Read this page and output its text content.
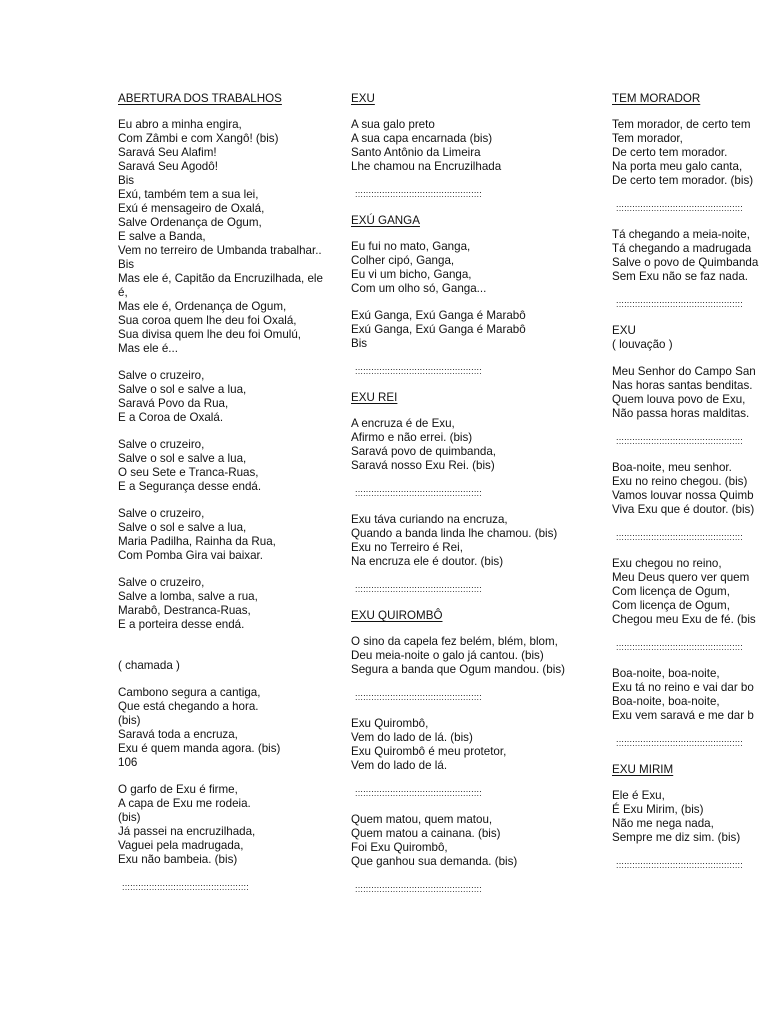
ABERTURA DOS TRABALHOS
Eu abro a minha engira,
Com Zâmbi e com Xangô! (bis)
Saravá Seu Alafim!
Saravá Seu Agodô!
Bis
Exú, também tem a sua lei,
Exú é mensageiro de Oxalá,
Salve Ordenança de Ogum,
E salve a Banda,
Vem no terreiro de Umbanda trabalhar..
Bis
Mas ele é, Capitão da Encruzilhada, ele
é,
Mas ele é, Ordenança de Ogum,
Sua coroa quem lhe deu foi Oxalá,
Sua divisa quem lhe deu foi Omulú,
Mas ele é...
Salve o cruzeiro,
Salve o sol e salve a lua,
Saravá Povo da Rua,
E a Coroa de Oxalá.
Salve o cruzeiro,
Salve o sol e salve a lua,
O seu Sete e Tranca-Ruas,
E a Segurança desse endá.
Salve o cruzeiro,
Salve o sol e salve a lua,
Maria Padilha, Rainha da Rua,
Com Pomba Gira vai baixar.
Salve o cruzeiro,
Salve a lomba, salve a rua,
Marabô, Destranca-Ruas,
E a porteira desse endá.
( chamada )
Cambono segura a cantiga,
Que está chegando a hora.
(bis)
Saravá toda a encruza,
Exu é quem manda agora. (bis)
106
O garfo de Exu é firme,
A capa de Exu me rodeia.
(bis)
Já passei na encruzilhada,
Vaguei pela madrugada,
Exu não bambeia. (bis)
:::::::::::::::::::::::::::::::::::::::::::::::
EXU
A sua galo preto
A sua capa encarnada (bis)
Santo Antônio da Limeira
Lhe chamou na Encruzilhada
:::::::::::::::::::::::::::::::::::::::::::::::
EXÚ GANGA
Eu fui no mato, Ganga,
Colher cipó, Ganga,
Eu vi um bicho, Ganga,
Com um olho só, Ganga...
Exú Ganga, Exú Ganga é Marabô
Exú Ganga, Exú Ganga é Marabô
Bis
:::::::::::::::::::::::::::::::::::::::::::::::
EXU REI
A encruza é de Exu,
Afirmo e não errei. (bis)
Saravá povo de quimbanda,
Saravá nosso Exu Rei. (bis)
:::::::::::::::::::::::::::::::::::::::::::::::
Exu táva curiando na encruza,
Quando a banda linda lhe chamou. (bis)
Exu no Terreiro é Rei,
Na encruza ele é doutor. (bis)
:::::::::::::::::::::::::::::::::::::::::::::::
EXU QUIROMBÔ
O sino da capela fez belém, blém, blom,
Deu meia-noite o galo já cantou. (bis)
Segura a banda que Ogum mandou. (bis)
:::::::::::::::::::::::::::::::::::::::::::::::
Exu Quirombô,
Vem do lado de lá. (bis)
Exu Quirombô é meu protetor,
Vem do lado de lá.
:::::::::::::::::::::::::::::::::::::::::::::::
Quem matou, quem matou,
Quem matou a cainana. (bis)
Foi Exu Quirombô,
Que ganhou sua demanda. (bis)
:::::::::::::::::::::::::::::::::::::::::::::::
TEM MORADOR
Tem morador, de certo tem
Tem morador,
De certo tem morador.
Na porta meu galo canta,
De certo tem morador. (bis)
:::::::::::::::::::::::::::::::::::::::::::::::
Tá chegando a meia-noite,
Tá chegando a madrugada
Salve o povo de Quimbanda
Sem Exu não se faz nada.
:::::::::::::::::::::::::::::::::::::::::::::::
EXU
( louvação )
Meu Senhor do Campo San
Nas horas santas benditas.
Quem louva povo de Exu,
Não passa horas malditas.
:::::::::::::::::::::::::::::::::::::::::::::::
Boa-noite, meu senhor.
Exu no reino chegou. (bis)
Vamos louvar nossa Quimb
Viva Exu que é doutor. (bis)
:::::::::::::::::::::::::::::::::::::::::::::::
Exu chegou no reino,
Meu Deus quero ver quem
Com licença de Ogum,
Com licença de Ogum,
Chegou meu Exu de fé. (bis
:::::::::::::::::::::::::::::::::::::::::::::::
Boa-noite, boa-noite,
Exu tá no reino e vai dar bo
Boa-noite, boa-noite,
Exu vem saravá e me dar b
:::::::::::::::::::::::::::::::::::::::::::::::
EXU MIRIM
Ele é Exu,
É Exu Mirim, (bis)
Não me nega nada,
Sempre me diz sim. (bis)
:::::::::::::::::::::::::::::::::::::::::::::::
